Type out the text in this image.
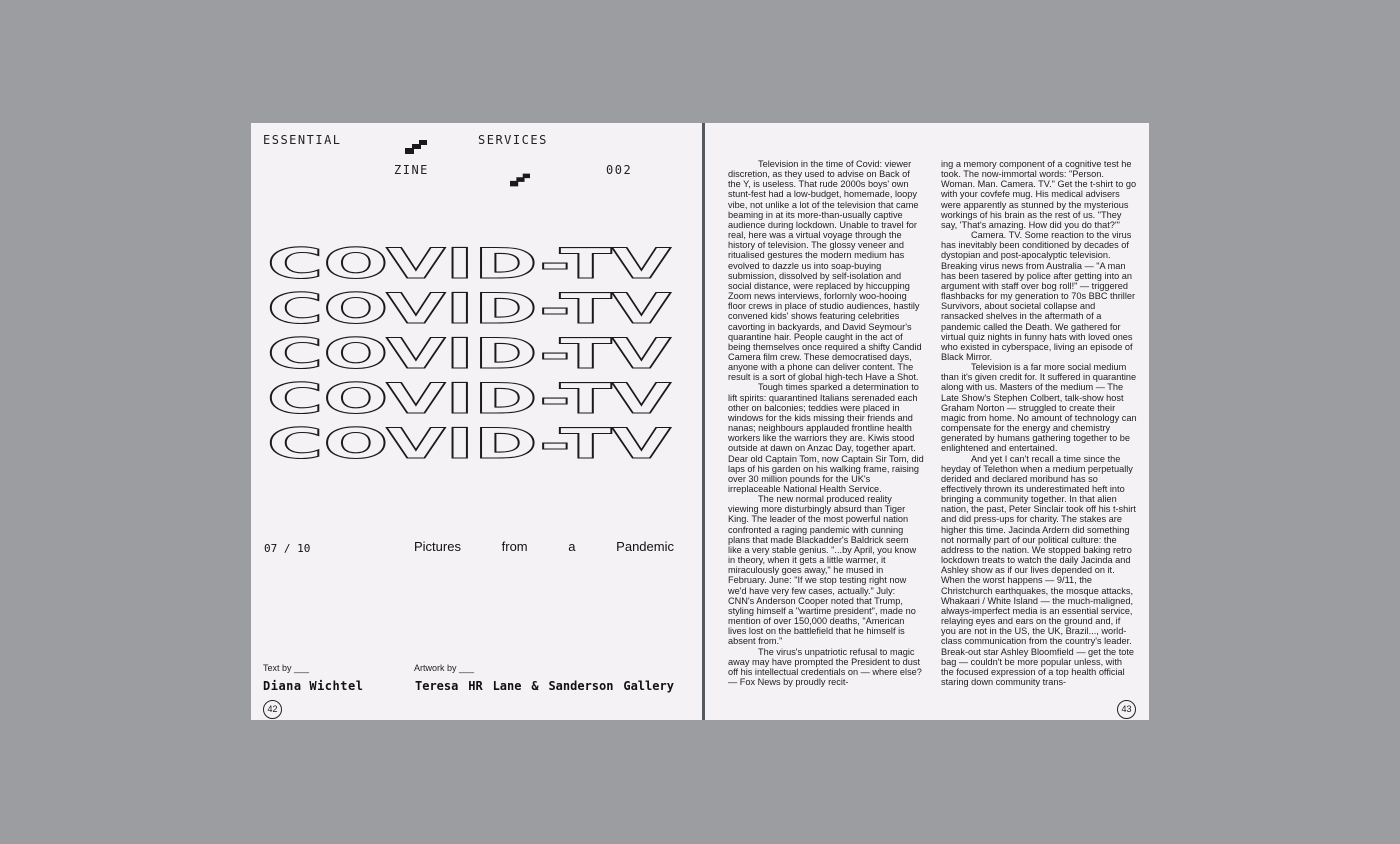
ESSENTIAL	SERVICES
ZINE	002
COVID-TV
COVID-TV
COVID-TV
COVID-TV
COVID-TV
07 / 10	Pictures	from	a	Pandemic
Text by ___
Diana Wichtel
Artwork by ___
Teresa HR Lane & Sanderson Gallery
42

Television in the time of Covid: viewer discretion, as they used to advise on Back of the Y, is useless. That rude 2000s boys' own stunt-fest had a low-budget, homemade, loopy vibe, not unlike a lot of the television that came beaming in at its more-than-usually captive audience during lockdown. Unable to travel for real, here was a virtual voyage through the history of television. The glossy veneer and ritualised gestures the modern medium has evolved to dazzle us into soap-buying submission, dissolved by self-isolation and social distance, were replaced by hiccupping Zoom news interviews, forlornly woo-hooing floor crews in place of studio audiences, hastily convened kids' shows featuring celebrities cavorting in backyards, and David Seymour's quarantine hair. People caught in the act of being themselves once required a shifty Candid Camera film crew. These democratised days, anyone with a phone can deliver content. The result is a sort of global high-tech Have a Shot.

Tough times sparked a determination to lift spirits: quarantined Italians serenaded each other on balconies; teddies were placed in windows for the kids missing their friends and nanas; neighbours applauded frontline health workers like the warriors they are. Kiwis stood outside at dawn on Anzac Day, together apart. Dear old Captain Tom, now Captain Sir Tom, did laps of his garden on his walking frame, raising over 30 million pounds for the UK's irreplaceable National Health Service.

The new normal produced reality viewing more disturbingly absurd than Tiger King. The leader of the most powerful nation confronted a raging pandemic with cunning plans that made Blackadder's Baldrick seem like a very stable genius. "...by April, you know in theory, when it gets a little warmer, it miraculously goes away," he mused in February. June: "If we stop testing right now we'd have very few cases, actually." July: CNN's Anderson Cooper noted that Trump, styling himself a "wartime president", made no mention of over 150,000 deaths, "American lives lost on the battlefield that he himself is absent from."

The virus's unpatriotic refusal to magic away may have prompted the President to dust off his intellectual credentials on — where else? — Fox News by proudly recit-

ing a memory component of a cognitive test he took. The now-immortal words: "Person. Woman. Man. Camera. TV." Get the t-shirt to go with your covfefe mug. His medical advisers were apparently as stunned by the mysterious workings of his brain as the rest of us. "They say, 'That's amazing. How did you do that?'"

Camera. TV. Some reaction to the virus has inevitably been conditioned by decades of dystopian and post-apocalyptic television. Breaking virus news from Australia — "A man has been tasered by police after getting into an argument with staff over bog roll!" — triggered flashbacks for my generation to 70s BBC thriller Survivors, about societal collapse and ransacked shelves in the aftermath of a pandemic called the Death. We gathered for virtual quiz nights in funny hats with loved ones who existed in cyberspace, living an episode of Black Mirror.

Television is a far more social medium than it's given credit for. It suffered in quarantine along with us. Masters of the medium — The Late Show's Stephen Colbert, talk-show host Graham Norton — struggled to create their magic from home. No amount of technology can compensate for the energy and chemistry generated by humans gathering together to be enlightened and entertained.

And yet I can't recall a time since the heyday of Telethon when a medium perpetually derided and declared moribund has so effectively thrown its underestimated heft into bringing a community together. In that alien nation, the past, Peter Sinclair took off his t-shirt and did press-ups for charity. The stakes are higher this time. Jacinda Ardern did something not normally part of our political culture: the address to the nation. We stopped baking retro lockdown treats to watch the daily Jacinda and Ashley show as if our lives depended on it. When the worst happens — 9/11, the Christchurch earthquakes, the mosque attacks, Whakaari / White Island — the much-maligned, always-imperfect media is an essential service, relaying eyes and ears on the ground and, if you are not in the US, the UK, Brazil..., world-class communication from the country's leader. Break-out star Ashley Bloomfield — get the tote bag — couldn't be more popular unless, with the focused expression of a top health official staring down community trans-

43
